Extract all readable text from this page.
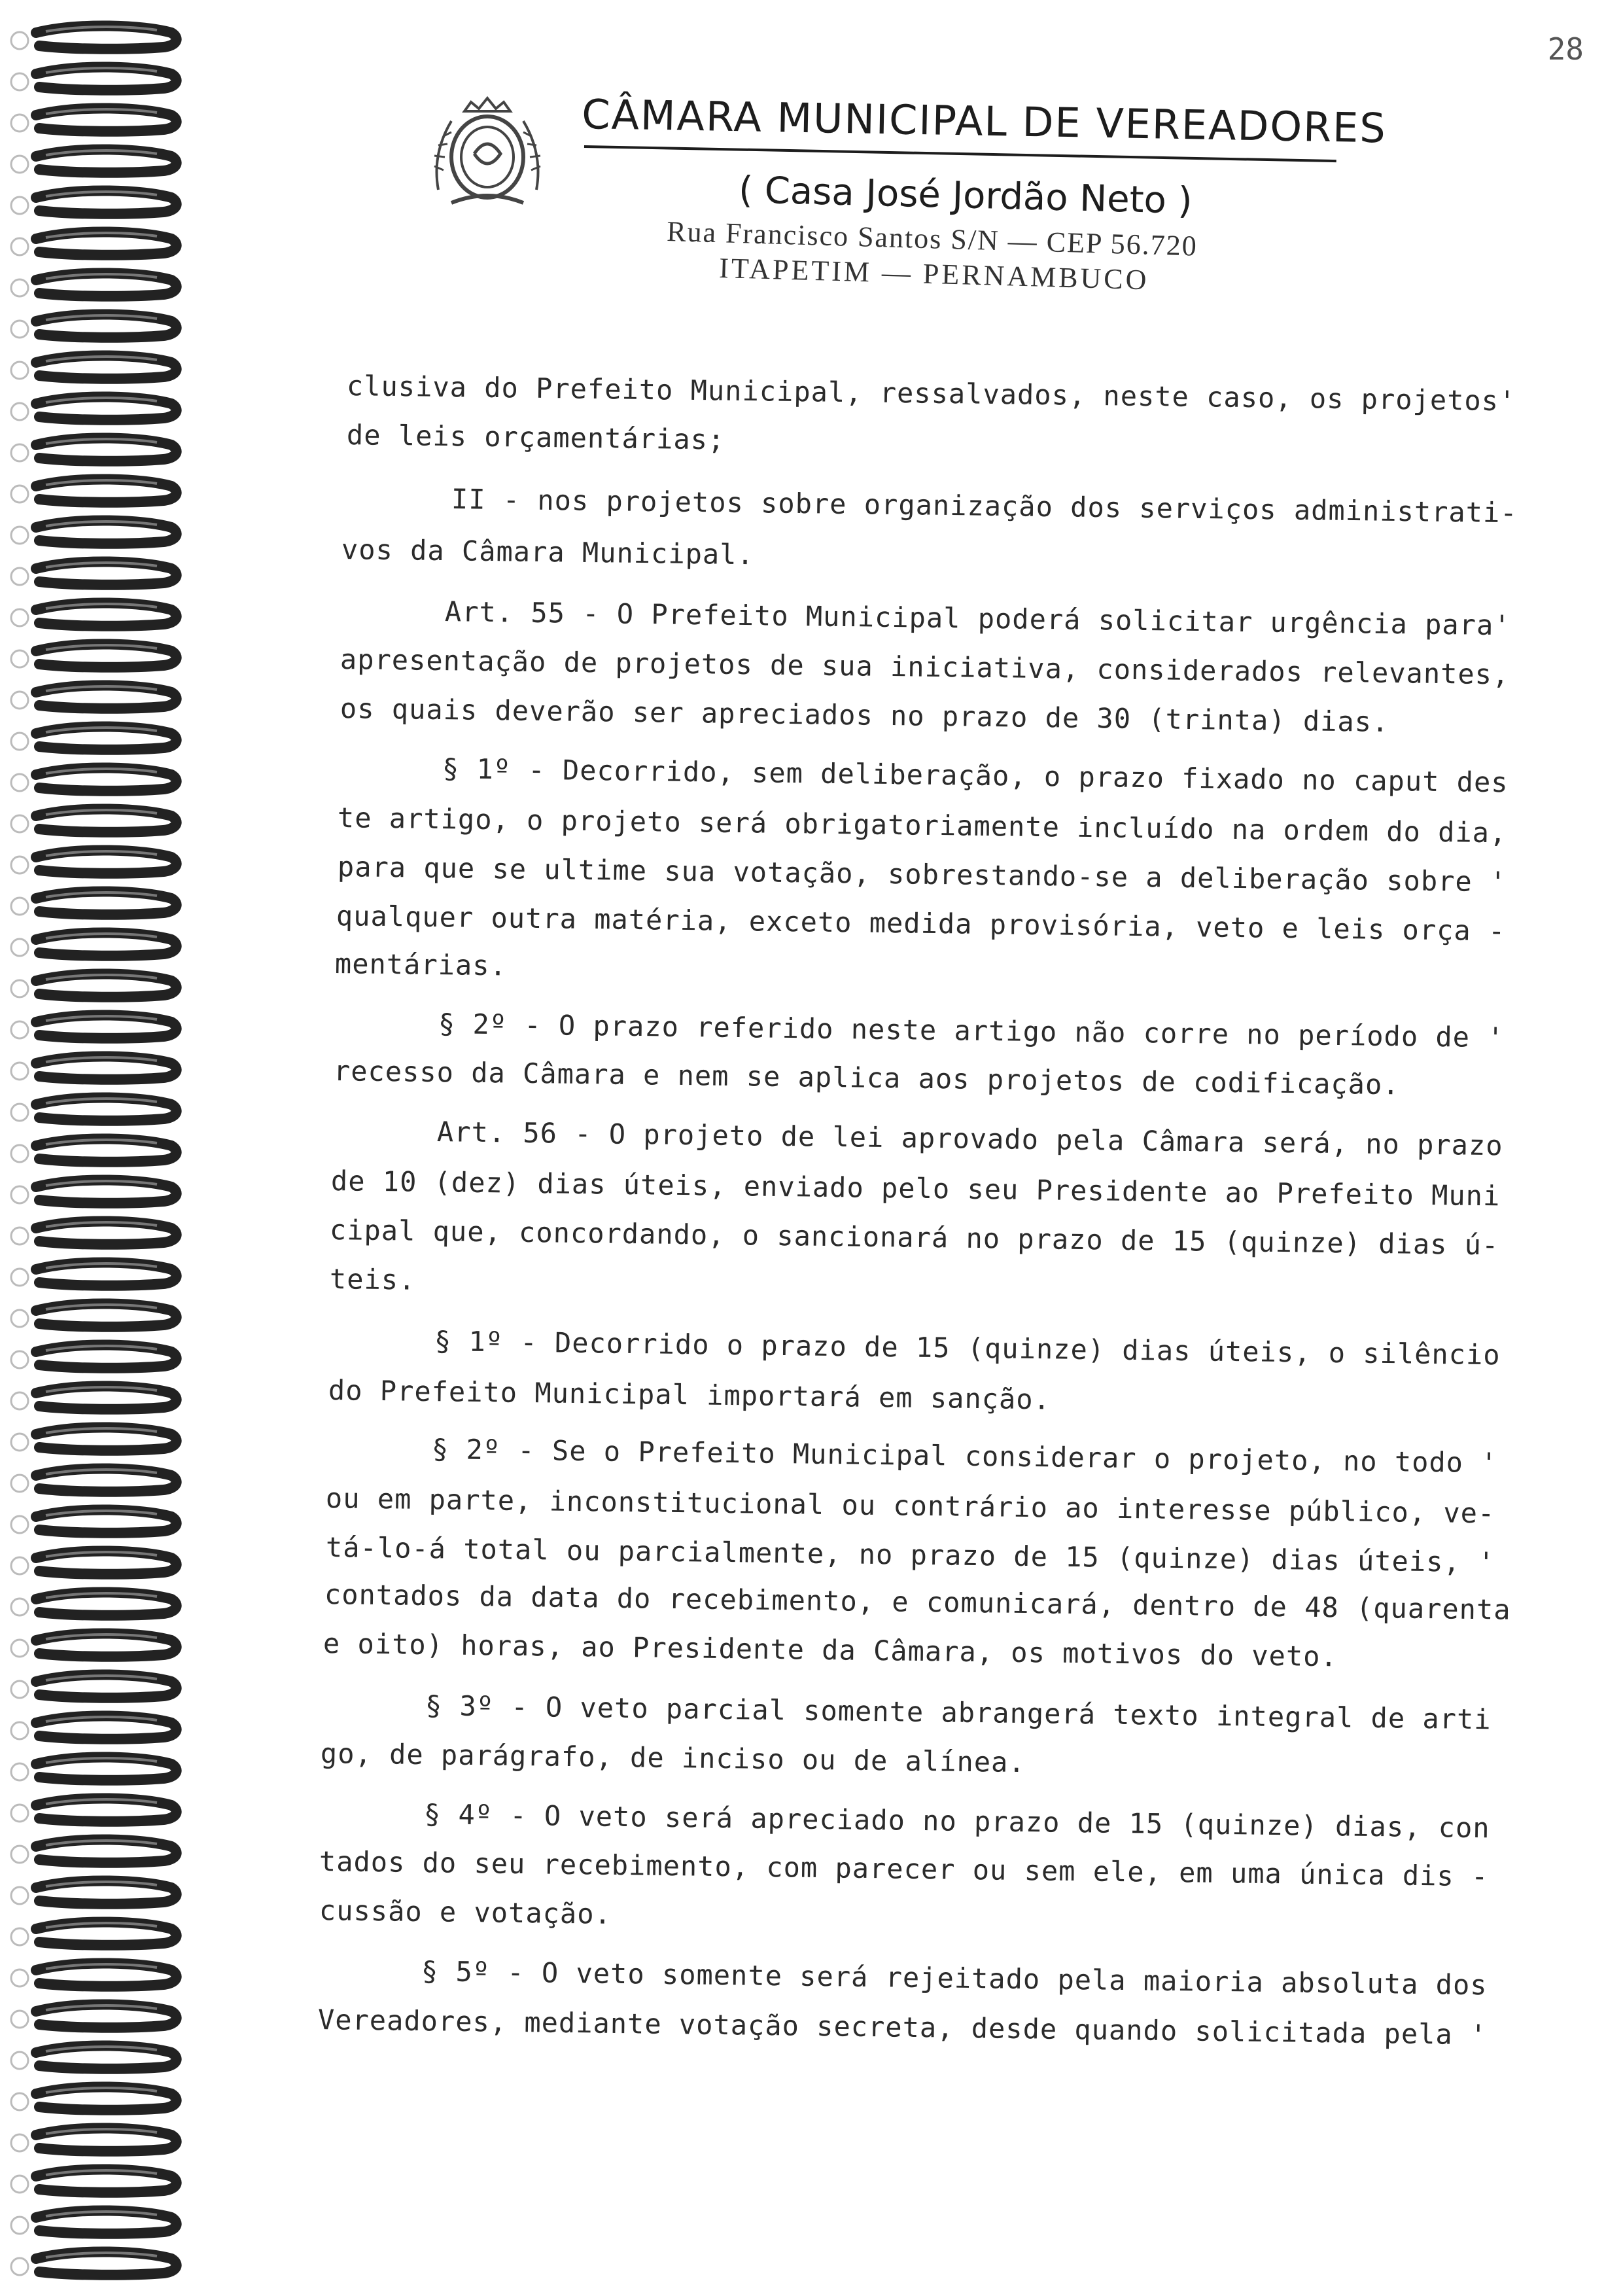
28
CÂMARA MUNICIPAL DE VEREADORES
( Casa José Jordão Neto )
Rua Francisco Santos S/N — CEP 56.720
ITAPETIM — PERNAMBUCO
clusiva do Prefeito Municipal, ressalvados, neste caso, os projetos'
de leis orçamentárias;
II - nos projetos sobre organização dos serviços administrati-
vos da Câmara Municipal.
Art. 55 - O Prefeito Municipal poderá solicitar urgência para'
apresentação de projetos de sua iniciativa, considerados relevantes,
os quais deverão ser apreciados no prazo de 30 (trinta) dias.
§ 1º - Decorrido, sem deliberação, o prazo fixado no caput des
te artigo, o projeto será obrigatoriamente incluído na ordem do dia,
para que se ultime sua votação, sobrestando-se a deliberação sobre '
qualquer outra matéria, exceto medida provisória, veto e leis orça -
mentárias.
§ 2º - O prazo referido neste artigo não corre no período de '
recesso da Câmara e nem se aplica aos projetos de codificação.
Art. 56 - O projeto de lei aprovado pela Câmara será, no prazo
de 10 (dez) dias úteis, enviado pelo seu Presidente ao Prefeito Muni
cipal que, concordando, o sancionará no prazo de 15 (quinze) dias ú-
teis.
§ 1º - Decorrido o prazo de 15 (quinze) dias úteis, o silêncio
do Prefeito Municipal importará em sanção.
§ 2º - Se o Prefeito Municipal considerar o projeto, no todo '
ou em parte, inconstitucional ou contrário ao interesse público, ve-
tá-lo-á total ou parcialmente, no prazo de 15 (quinze) dias úteis, '
contados da data do recebimento, e comunicará, dentro de 48 (quarenta
e oito) horas, ao Presidente da Câmara, os motivos do veto.
§ 3º - O veto parcial somente abrangerá texto integral de arti
go, de parágrafo, de inciso ou de alínea.
§ 4º - O veto será apreciado no prazo de 15 (quinze) dias, con
tados do seu recebimento, com parecer ou sem ele, em uma única dis -
cussão e votação.
§ 5º - O veto somente será rejeitado pela maioria absoluta dos
Vereadores, mediante votação secreta, desde quando solicitada pela '
